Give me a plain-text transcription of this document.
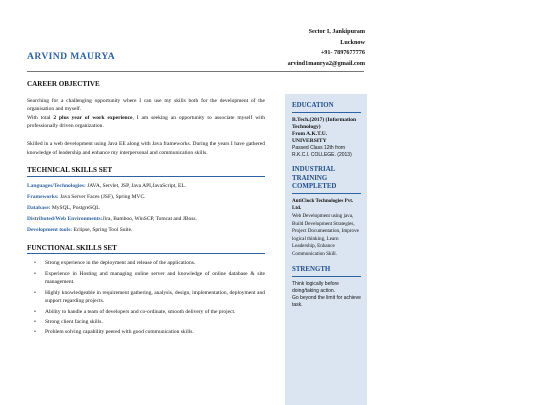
Sector I, Jankipuram
Lucknow
+91- 7897677776
arvind1maurya2@gmail.com
ARVIND MAURYA
CAREER OBJECTIVE

Searching for a challenging opportunity where I can use my skills both for the development of the organisation and myself.

With total 2 plus year of work experience, I am seeking an opportunity to associate myself with professionally driven organization.

Skilled in a web development using Java EE along with Java frameworks. During the years I have gathered knowledge of leadership and enhance my interpersonal and communication skills.

TECHNICAL SKILLS SET
Languages/Technologies: JAVA, Servlet, JSP, Java API,JavaScript, EL.
Frameworks: Java Server Faces (JSF), Spring MVC.
Database: MySQL, PostgreSQL
Distributed/Web Environments:Jira, Bamboo, WinSCP, Tomcat and JBoss.
Development tools: Eclipse, Spring Tool Suite.
FUNCTIONAL SKILLS SET
• Strong experience in the deployment and release of the applications.
• Experience in Hosting and managing online server and knowledge of online database & site management.
• Highly knowledgeable in requirement gathering, analysis, design, implementation, deployment and support regarding projects.
• Ability to handle a team of developers and co-ordinate, smooth delivery of the project.
• Strong client facing skills.
• Problem solving capability peered with good communication skills.
EDUCATION
B.Tech.(2017) (Information Technology)
From A.K.T.U. UNIVERSITY
Passed Class 12th from R.K.C.I. COLLEGE. (2013)
INDUSTRIAL TRAINING COMPLETED
AntiClock Technologies Pvt. Ltd.
Web Development using java, Build Development Strategies, Project Documentation, Improve logical thinking, Learn Leadership, Enhance Communication Skill.
STRENGTH
Think logically before doing/taking action.
Go beyond the limit for achieve task.
